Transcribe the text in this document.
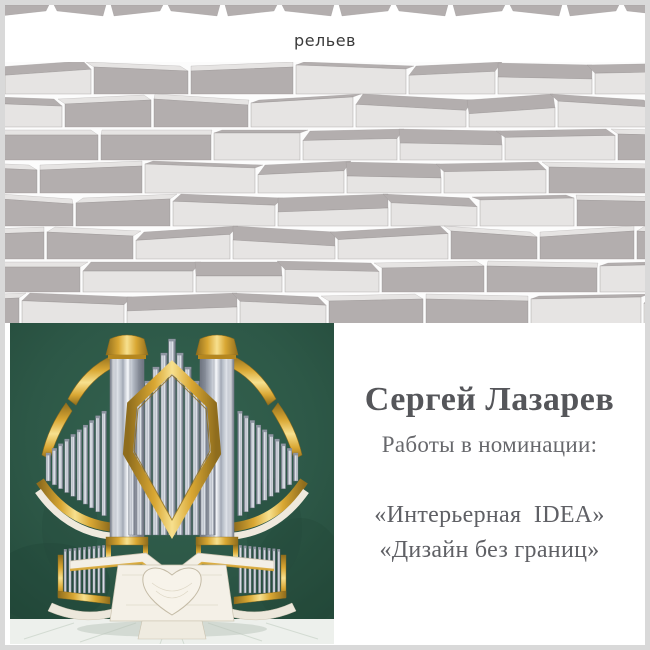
рельев
Сергей Лазарев
Работы в номинации:
«Интерьерная  IDEA»
«Дизайн без границ»
